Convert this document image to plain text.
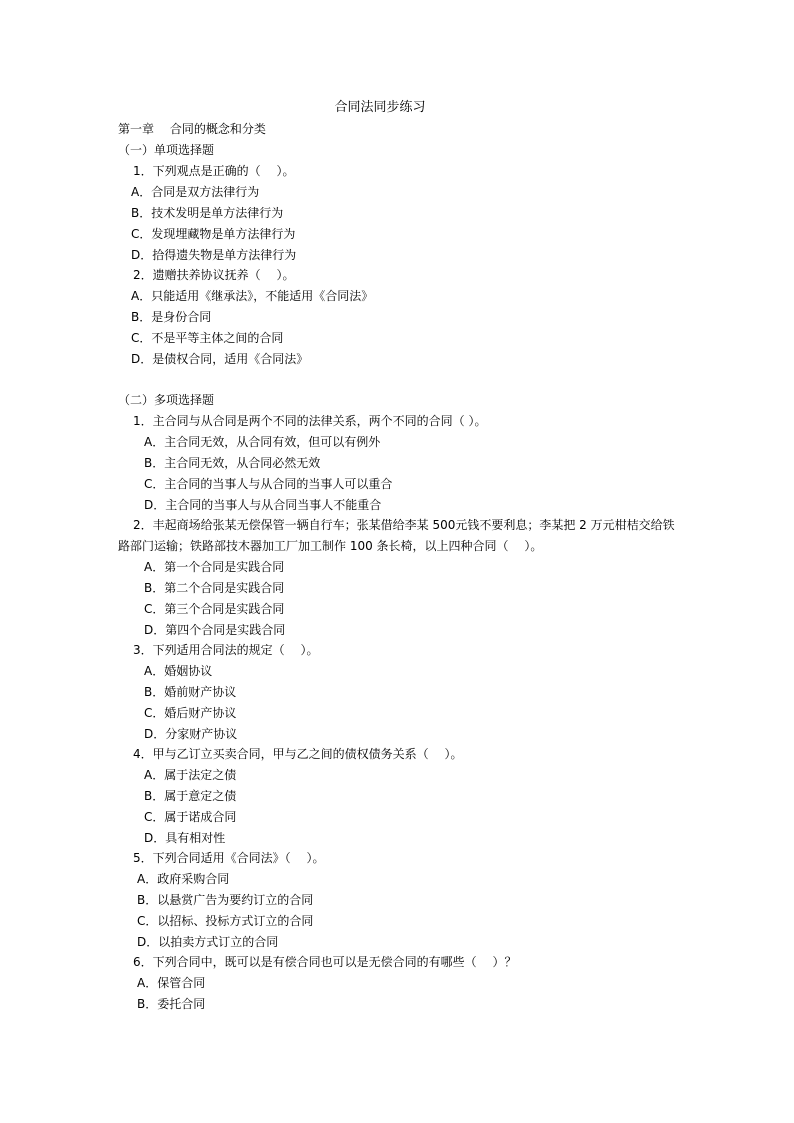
合同法同步练习
第一章　 合同的概念和分类
（一）单项选择题
1．下列观点是正确的（　 ）。
A．合同是双方法律行为
B．技术发明是单方法律行为
C．发现埋藏物是单方法律行为
D．拾得遗失物是单方法律行为
2．遗赠扶养协议抚养（　 ）。
A．只能适用《继承法》，不能适用《合同法》
B．是身份合同
C．不是平等主体之间的合同
D．是债权合同，适用《合同法》
（二）多项选择题
1．主合同与从合同是两个不同的法律关系，两个不同的合同（ ）。
A．主合同无效，从合同有效，但可以有例外
B．主合同无效，从合同必然无效
C．主合同的当事人与从合同的当事人可以重合
D．主合同的当事人与从合同当事人不能重合
2．丰起商场给张某无偿保管一辆自行车；张某借给李某 500元钱不要利息；李某把 2 万元柑桔交给铁
路部门运输；铁路部技木器加工厂加工制作 100 条长椅，以上四种合同（　 ）。
A．第一个合同是实践合同
B．第二个合同是实践合同
C．第三个合同是实践合同
D．第四个合同是实践合同
3．下列适用合同法的规定（　 ）。
A．婚姻协议
B．婚前财产协议
C．婚后财产协议
D．分家财产协议
4．甲与乙订立买卖合同，甲与乙之间的债权债务关系（　 ）。
A．属于法定之债
B．属于意定之债
C．属于诺成合同
D．具有相对性
5．下列合同适用《合同法》（　 ）。
A．政府采购合同
B．以悬赏广告为要约订立的合同
C．以招标、投标方式订立的合同
D．以拍卖方式订立的合同
6．下列合同中，既可以是有偿合同也可以是无偿合同的有哪些（　 ）？
A．保管合同
B．委托合同
